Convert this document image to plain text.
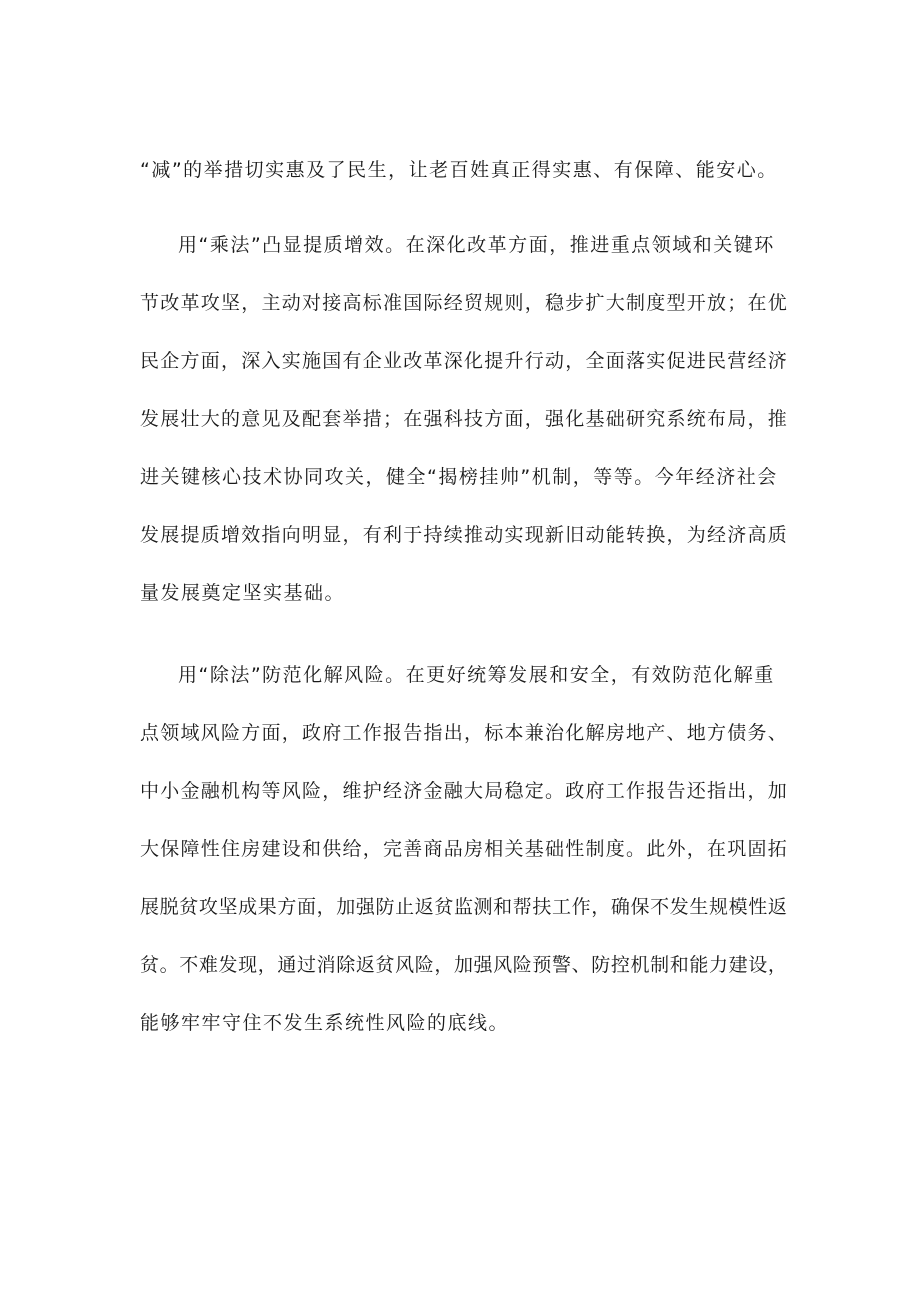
“减”的举措切实惠及了民生，让老百姓真正得实惠、有保障、能安心。
用“乘法”凸显提质增效。在深化改革方面，推进重点领域和关键环
节改革攻坚，主动对接高标准国际经贸规则，稳步扩大制度型开放；在优
民企方面，深入实施国有企业改革深化提升行动，全面落实促进民营经济
发展壮大的意见及配套举措；在强科技方面，强化基础研究系统布局，推
进关键核心技术协同攻关，健全“揭榜挂帅”机制，等等。今年经济社会
发展提质增效指向明显，有利于持续推动实现新旧动能转换，为经济高质
量发展奠定坚实基础。
用“除法”防范化解风险。在更好统筹发展和安全，有效防范化解重
点领域风险方面，政府工作报告指出，标本兼治化解房地产、地方债务、
中小金融机构等风险，维护经济金融大局稳定。政府工作报告还指出，加
大保障性住房建设和供给，完善商品房相关基础性制度。此外，在巩固拓
展脱贫攻坚成果方面，加强防止返贫监测和帮扶工作，确保不发生规模性返
贫。不难发现，通过消除返贫风险，加强风险预警、防控机制和能力建设，
能够牢牢守住不发生系统性风险的底线。
